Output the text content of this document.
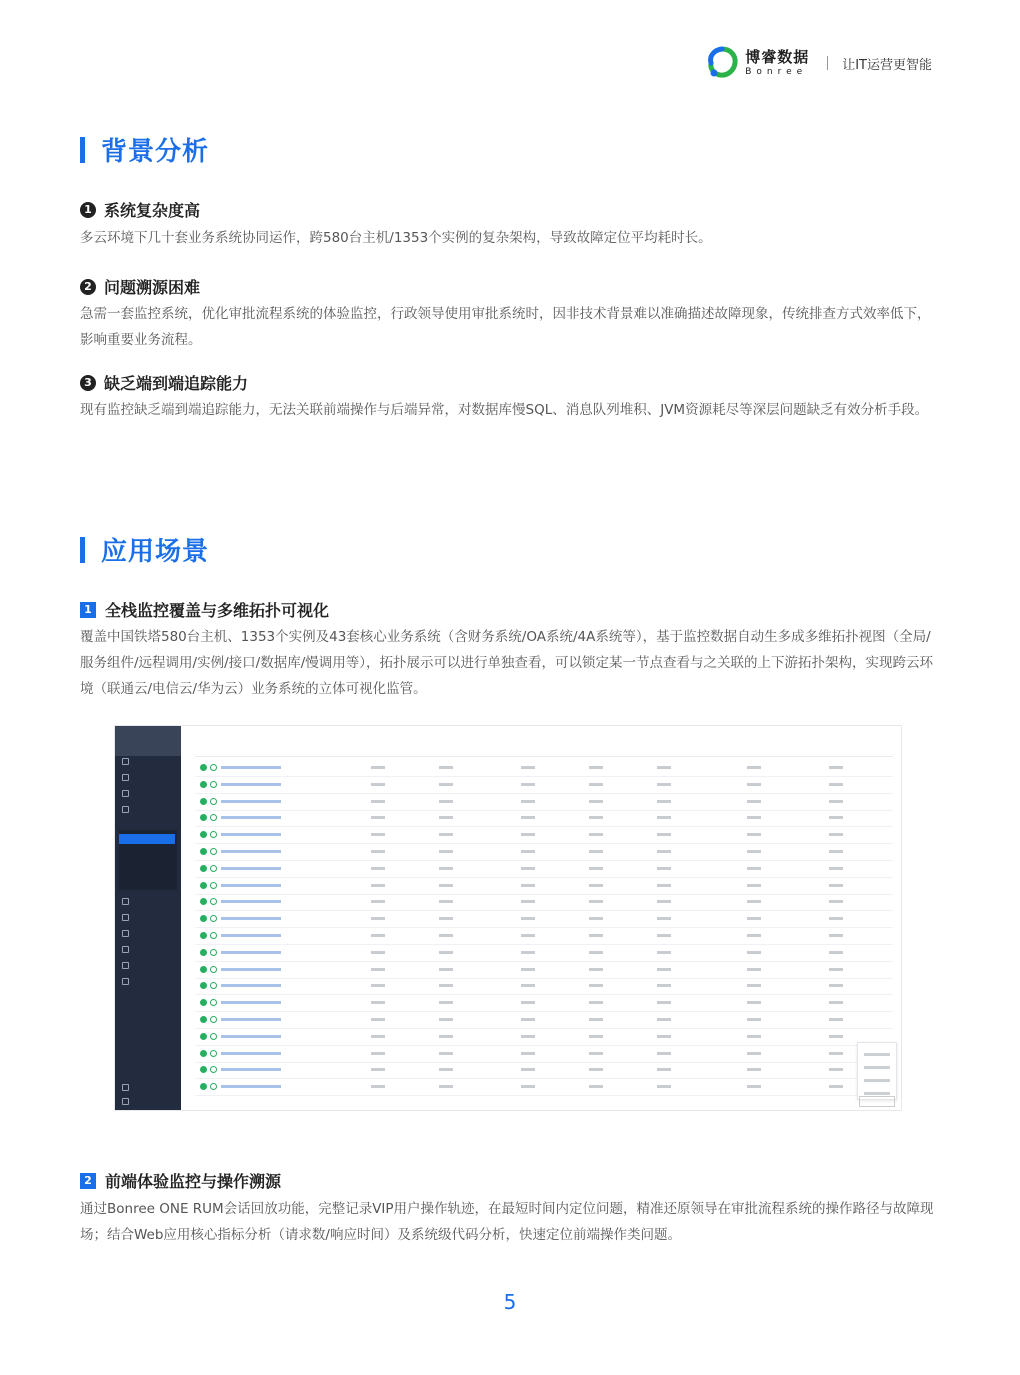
博睿数据
Bonree	让IT运营更智能
背景分析
1 系统复杂度高
多云环境下几十套业务系统协同运作，跨580台主机/1353个实例的复杂架构，导致故障定位平均耗时长。
2 问题溯源困难
急需一套监控系统，优化审批流程系统的体验监控，行政领导使用审批系统时，因非技术背景难以准确描述故障现象，传统排查方式效率低下，影响重要业务流程。
3 缺乏端到端追踪能力
现有监控缺乏端到端追踪能力，无法关联前端操作与后端异常，对数据库慢SQL、消息队列堆积、JVM资源耗尽等深层问题缺乏有效分析手段。
应用场景
1 全栈监控覆盖与多维拓扑可视化
覆盖中国铁塔580台主机、1353个实例及43套核心业务系统（含财务系统/OA系统/4A系统等），基于监控数据自动生多成多维拓扑视图（全局/服务组件/远程调用/实例/接口/数据库/慢调用等），拓扑展示可以进行单独查看，可以锁定某一节点查看与之关联的上下游拓扑架构，实现跨云环境（联通云/电信云/华为云）业务系统的立体可视化监管。
2 前端体验监控与操作溯源
通过Bonree ONE RUM会话回放功能，完整记录VIP用户操作轨迹，在最短时间内定位问题，精准还原领导在审批流程系统的操作路径与故障现场；结合Web应用核心指标分析（请求数/响应时间）及系统级代码分析，快速定位前端操作类问题。
5
